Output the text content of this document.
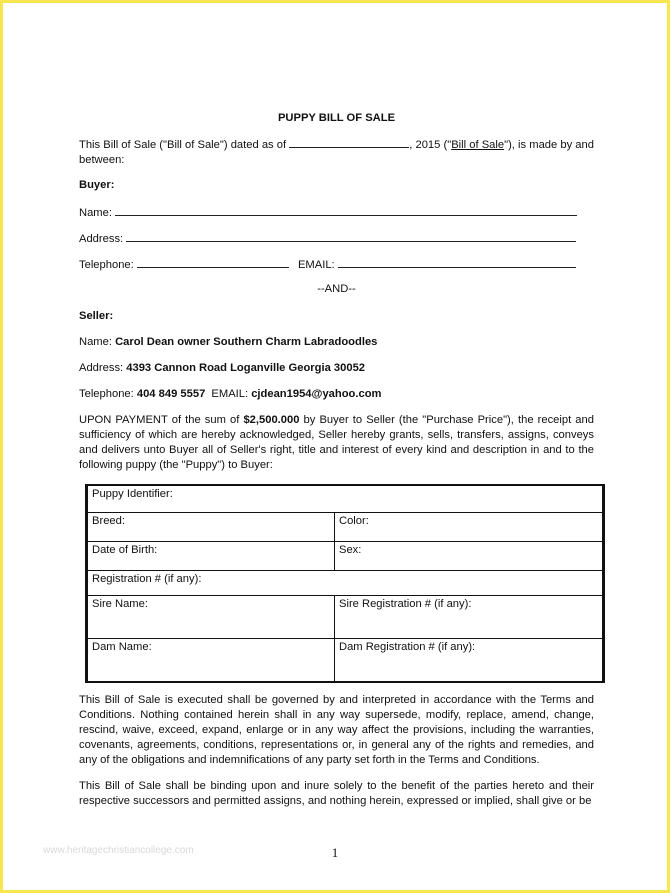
PUPPY BILL OF SALE
This Bill of Sale ("Bill of Sale") dated as of	, 2015 ("Bill of Sale"), is made by and between:
Buyer:
Name:
Address:
Telephone:	EMAIL:
--AND--
Seller:
Name: Carol Dean owner Southern Charm Labradoodles
Address: 4393 Cannon Road Loganville Georgia 30052
Telephone: 404 849 5557 EMAIL: cjdean1954@yahoo.com
UPON PAYMENT of the sum of $2,500.000 by Buyer to Seller (the "Purchase Price"), the receipt and sufficiency of which are hereby acknowledged, Seller hereby grants, sells, transfers, assigns, conveys and delivers unto Buyer all of Seller's right, title and interest of every kind and description in and to the following puppy (the "Puppy") to Buyer:
This Bill of Sale is executed shall be governed by and interpreted in accordance with the Terms and Conditions. Nothing contained herein shall in any way supersede, modify, replace, amend, change, rescind, waive, exceed, expand, enlarge or in any way affect the provisions, including the warranties, covenants, agreements, conditions, representations or, in general any of the rights and remedies, and any of the obligations and indemnifications of any party set forth in the Terms and Conditions.
This Bill of Sale shall be binding upon and inure solely to the benefit of the parties hereto and their respective successors and permitted assigns, and nothing herein, expressed or implied, shall give or be
Puppy Identifier:	
Breed:	Color:
Date of Birth:	Sex:
Registration # (if any):	
Sire Name:	Sire Registration # (if any):
Dam Name:	Dam Registration # (if any):
www.heritagechristiancollege.com	1
